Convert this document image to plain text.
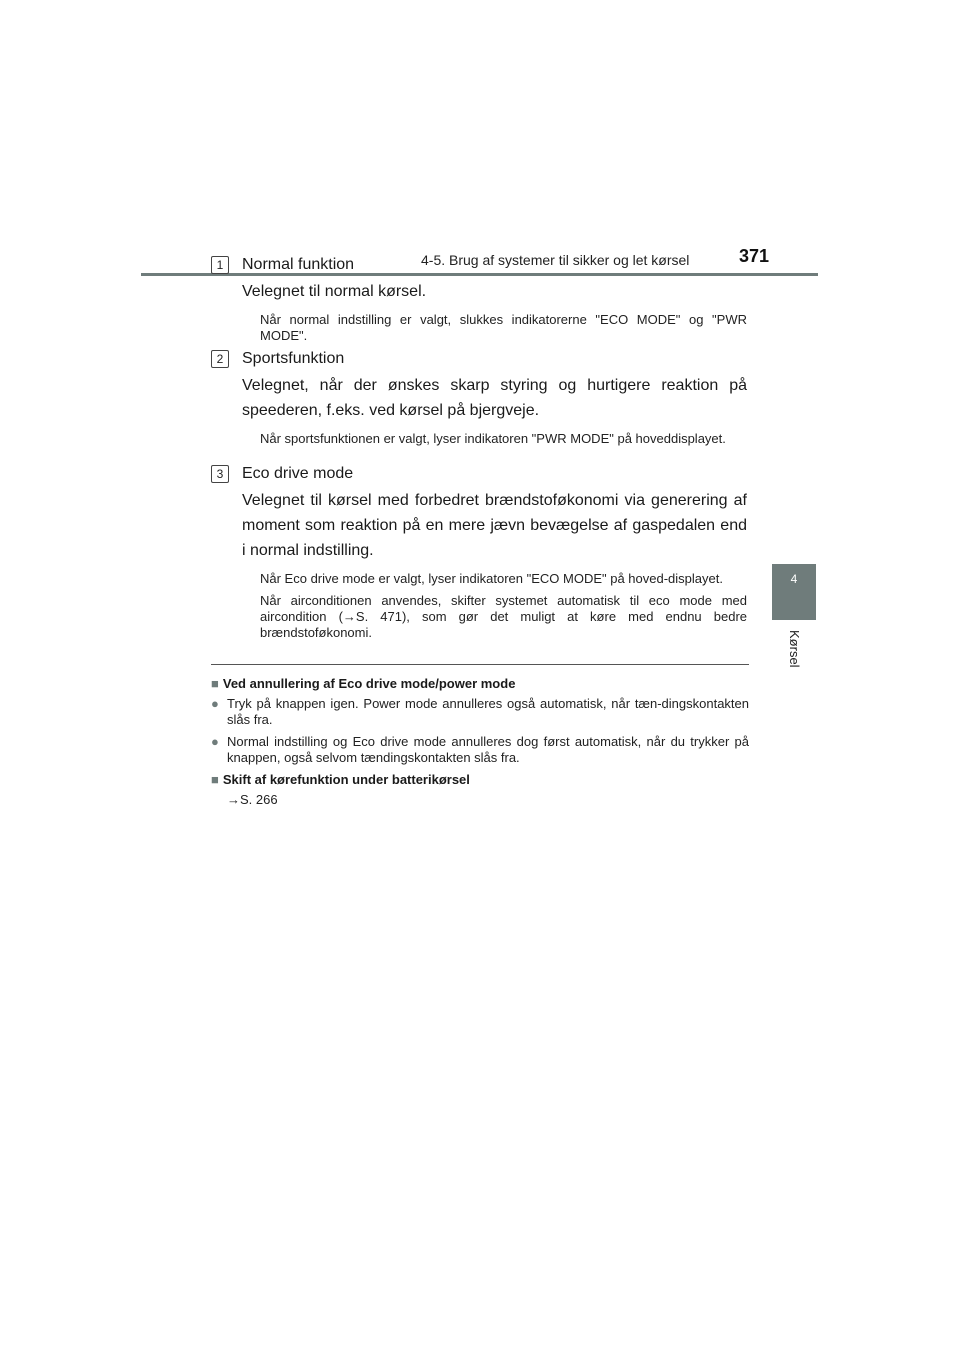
4-5. Brug af systemer til sikker og let kørsel	371
4
Kørsel
1	Normal funktion
Velegnet til normal kørsel.
Når normal indstilling er valgt, slukkes indikatorerne "ECO MODE" og "PWR MODE".
2	Sportsfunktion
Velegnet, når der ønskes skarp styring og hurtigere reaktion på speederen, f.eks. ved kørsel på bjergveje.
Når sportsfunktionen er valgt, lyser indikatoren "PWR MODE" på hoveddisplayet.
3	Eco drive mode
Velegnet til kørsel med forbedret brændstoføkonomi via generering af moment som reaktion på en mere jævn bevægelse af gaspedalen end i normal indstilling.
Når Eco drive mode er valgt, lyser indikatoren "ECO MODE" på hoved-displayet.
Når airconditionen anvendes, skifter systemet automatisk til eco mode med aircondition (→S. 471), som gør det muligt at køre med endnu bedre brændstoføkonomi.
■ Ved annullering af Eco drive mode/power mode
● Tryk på knappen igen. Power mode annulleres også automatisk, når tæn-dingskontakten slås fra.
● Normal indstilling og Eco drive mode annulleres dog først automatisk, når du trykker på knappen, også selvom tændingskontakten slås fra.
■ Skift af kørefunktion under batterikørsel
→S. 266
